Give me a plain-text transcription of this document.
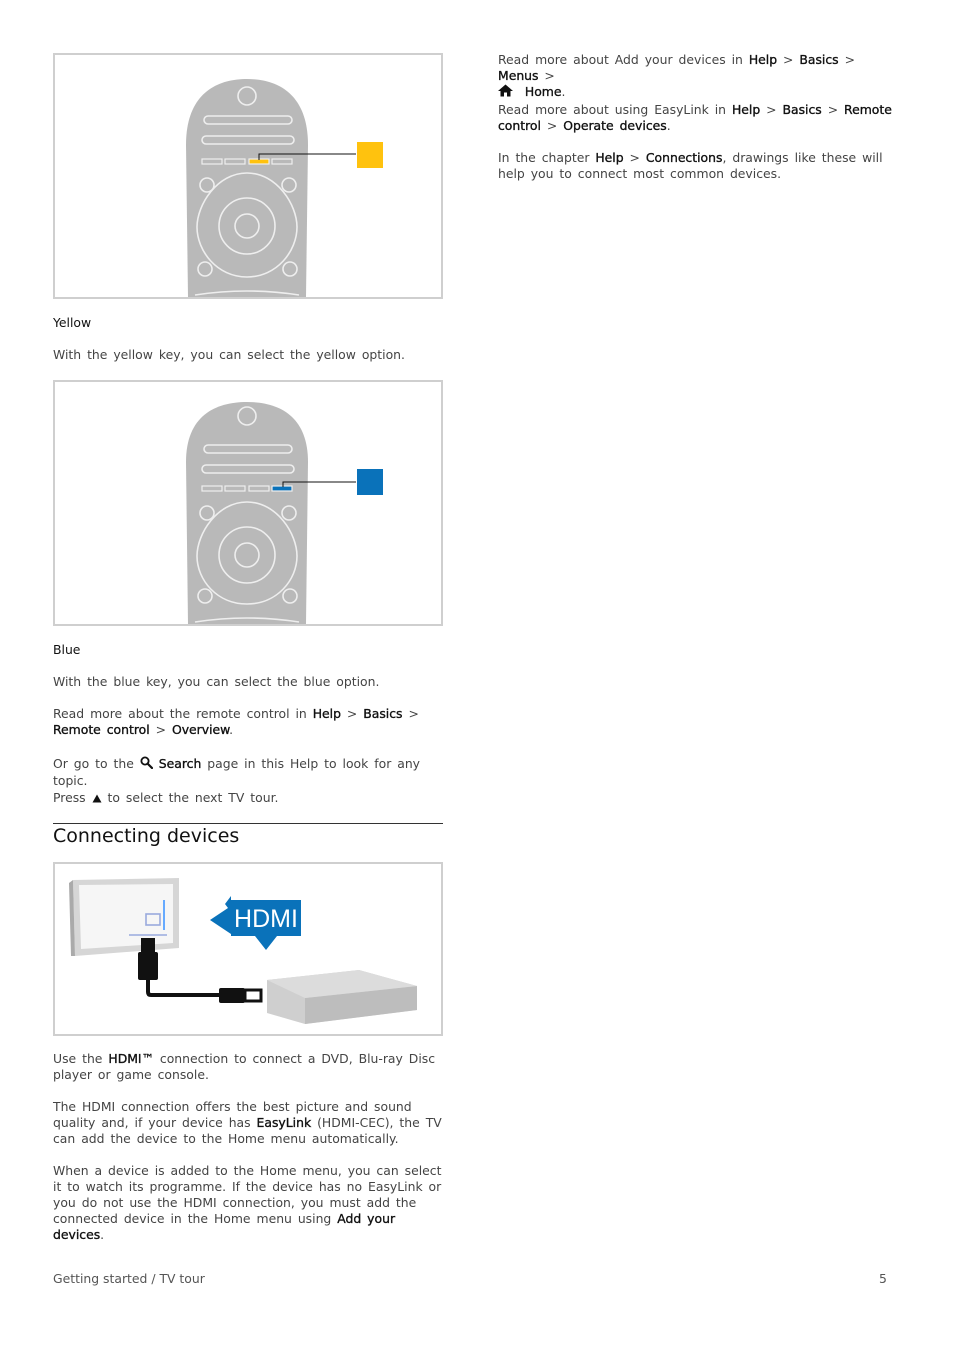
Yellow

With the yellow key, you can select the yellow option.

Blue

With the blue key, you can select the blue option.

Read more about the remote control in Help > Basics >
Remote control > Overview.

Or go to the  Search page in this Help to look for any topic.

Press  to select the next TV tour.

Connecting devices
HDMI

Use the HDMI™ connection to connect a DVD, Blu-ray Disc player or game console.

The HDMI connection offers the best picture and sound quality and, if your device has EasyLink (HDMI-CEC), the TV can add the device to the Home menu automatically.

When a device is added to the Home menu, you can select it to watch its programme. If the device has no EasyLink or you do not use the HDMI connection, you must add the connected device in the Home menu using Add your devices.

Read more about Add your devices in Help > Basics > Menus >
Home.

Read more about using EasyLink in Help > Basics > Remote control > Operate devices.

In the chapter Help > Connections, drawings like these will help you to connect most common devices.

Getting started / TV tour	5
